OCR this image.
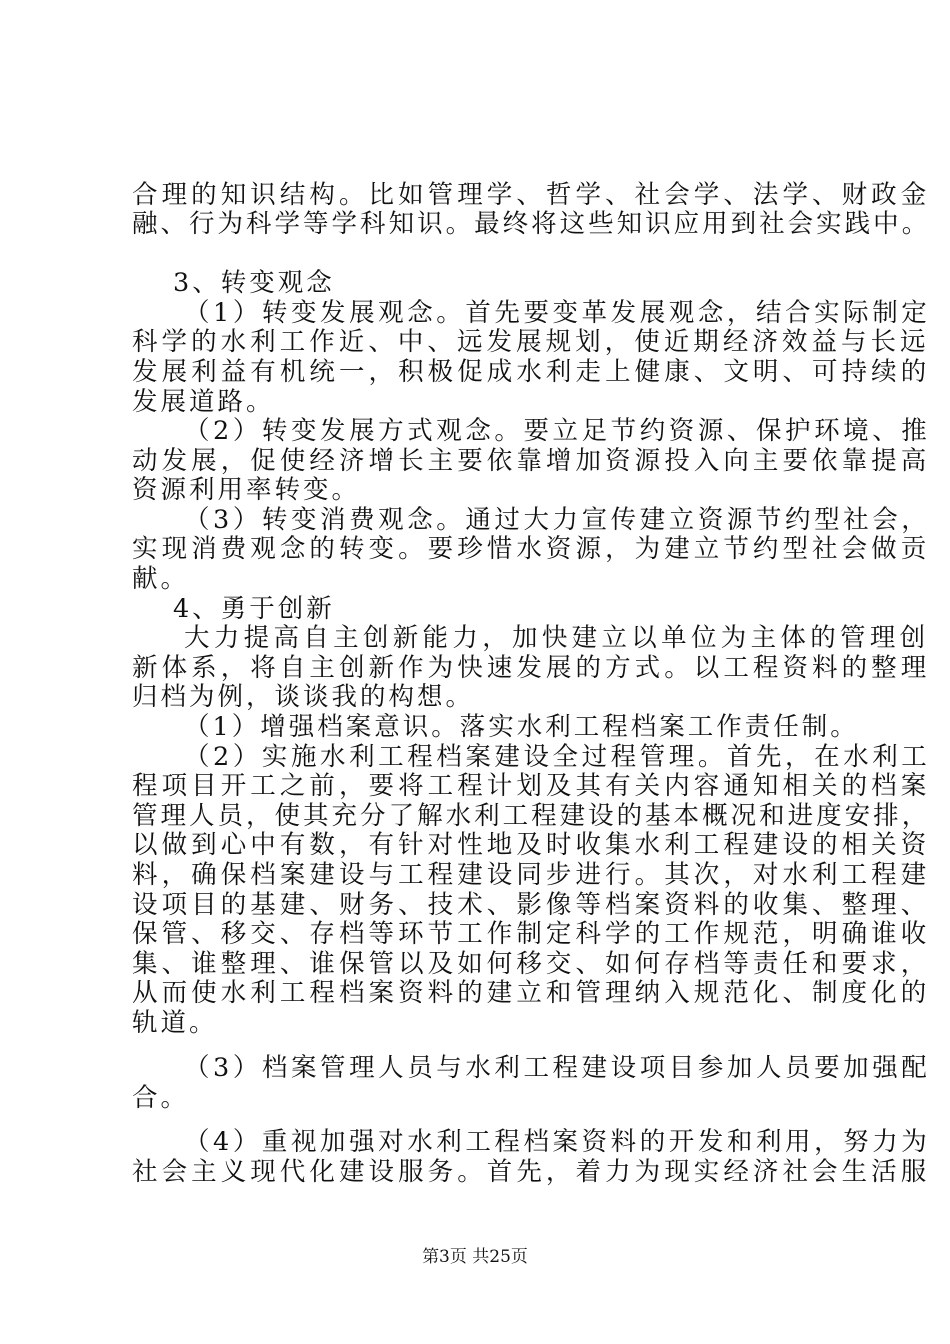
合理的知识结构。比如管理学、哲学、社会学、法学、财政金
融、行为科学等学科知识。最终将这些知识应用到社会实践中。
3、转变观念
（1）转变发展观念。首先要变革发展观念，结合实际制定
科学的水利工作近、中、远发展规划，使近期经济效益与长远
发展利益有机统一，积极促成水利走上健康、文明、可持续的
发展道路。
（2）转变发展方式观念。要立足节约资源、保护环境、推
动发展，促使经济增长主要依靠增加资源投入向主要依靠提高
资源利用率转变。
（3）转变消费观念。通过大力宣传建立资源节约型社会，
实现消费观念的转变。要珍惜水资源，为建立节约型社会做贡
献。
4、勇于创新
大力提高自主创新能力，加快建立以单位为主体的管理创
新体系，将自主创新作为快速发展的方式。以工程资料的整理
归档为例，谈谈我的构想。
（1）增强档案意识。落实水利工程档案工作责任制。
（2）实施水利工程档案建设全过程管理。首先，在水利工
程项目开工之前，要将工程计划及其有关内容通知相关的档案
管理人员，使其充分了解水利工程建设的基本概况和进度安排，
以做到心中有数，有针对性地及时收集水利工程建设的相关资
料，确保档案建设与工程建设同步进行。其次，对水利工程建
设项目的基建、财务、技术、影像等档案资料的收集、整理、
保管、移交、存档等环节工作制定科学的工作规范，明确谁收
集、谁整理、谁保管以及如何移交、如何存档等责任和要求，
从而使水利工程档案资料的建立和管理纳入规范化、制度化的
轨道。
（3）档案管理人员与水利工程建设项目参加人员要加强配
合。
（4）重视加强对水利工程档案资料的开发和利用，努力为
社会主义现代化建设服务。首先，着力为现实经济社会生活服
第3页 共25页
